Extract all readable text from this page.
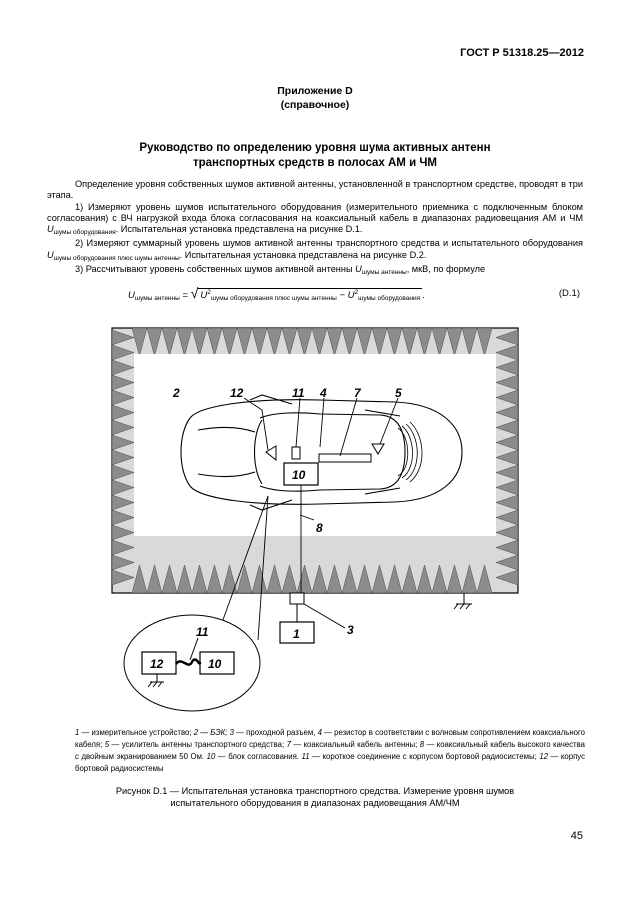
ГОСТ Р 51318.25—2012
Приложение D
(справочное)
Руководство по определению уровня шума активных антенн
транспортных средств в полосах АМ и ЧМ

Определение уровня собственных шумов активной антенны, установленной в транспортном средстве, проводят в три этапа.

1) Измеряют уровень шумов испытательного оборудования (измерительного приемника с подключенным блоком согласования) с ВЧ нагрузкой входа блока согласования на коаксиальный кабель в диапазонах радиовещания АМ и ЧМ $U_{шумы оборудования}$. Испытательная установка представлена на рисунке D.1.

2) Измеряют суммарный уровень шумов активной антенны транспортного средства и испытательного оборудования $U_{шумы оборудования плюс шумы антенны}$. Испытательная установка представлена на рисунке D.2.

3) Рассчитывают уровень собственных шумов активной антенны $U_{шумы антенны}$, мкВ, по формуле

$U_{шумы антенны}$ = √ $U^2_{шумы оборудования плюс шумы антенны} - U^2_{шумы оборудования}$ .	(D.1)
2	12	11 4 7	5
10
8
1	3
11
12	10
1 — измерительное устройство; 2 — БЭК; 3 — проходной разъем, 4 — резистор в соответствии с волновым сопротивлением коаксиального кабеля; 5 — усилитель антенны транспортного средства; 7 — коаксиальный кабель антенны; 8 — коаксиальный кабель высокого качества с двойным экранированием 50 Ом. 10 — блок согласования. 11 — короткое соединение с корпусом бортовой радиосистемы; 12 — корпус бортовой радиосистемы
Рисунок D.1 — Испытательная установка транспортного средства. Измерение уровня шумов
испытательного оборудования в диапазонах радиовещания АМ/ЧМ
45
